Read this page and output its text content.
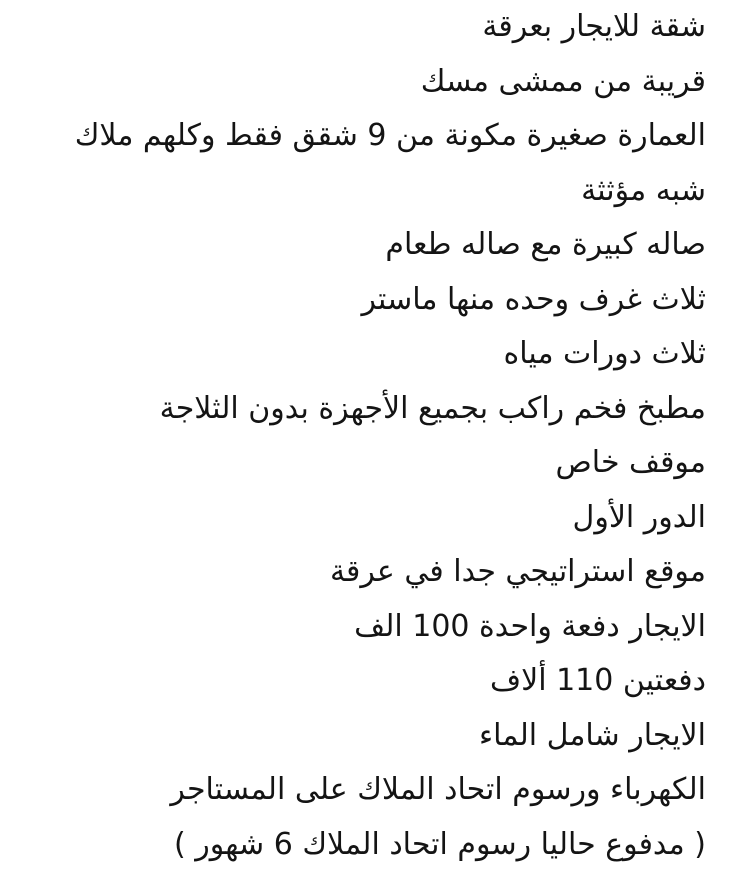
شقة للايجار بعرقة
قريبة من ممشى مسك
العمارة صغيرة مكونة من 9 شقق فقط وكلهم ملاك
شبه مؤثثة
صاله كبيرة مع صاله طعام
ثلاث غرف وحده منها ماستر
ثلاث دورات مياه
مطبخ فخم راكب بجميع الأجهزة بدون الثلاجة
موقف خاص
الدور الأول
موقع استراتيجي جدا في عرقة
الايجار دفعة واحدة 100 الف
دفعتين 110 ألاف
الايجار شامل الماء
الكهرباء ورسوم اتحاد الملاك على المستاجر
( مدفوع حاليا رسوم اتحاد الملاك 6 شهور )
